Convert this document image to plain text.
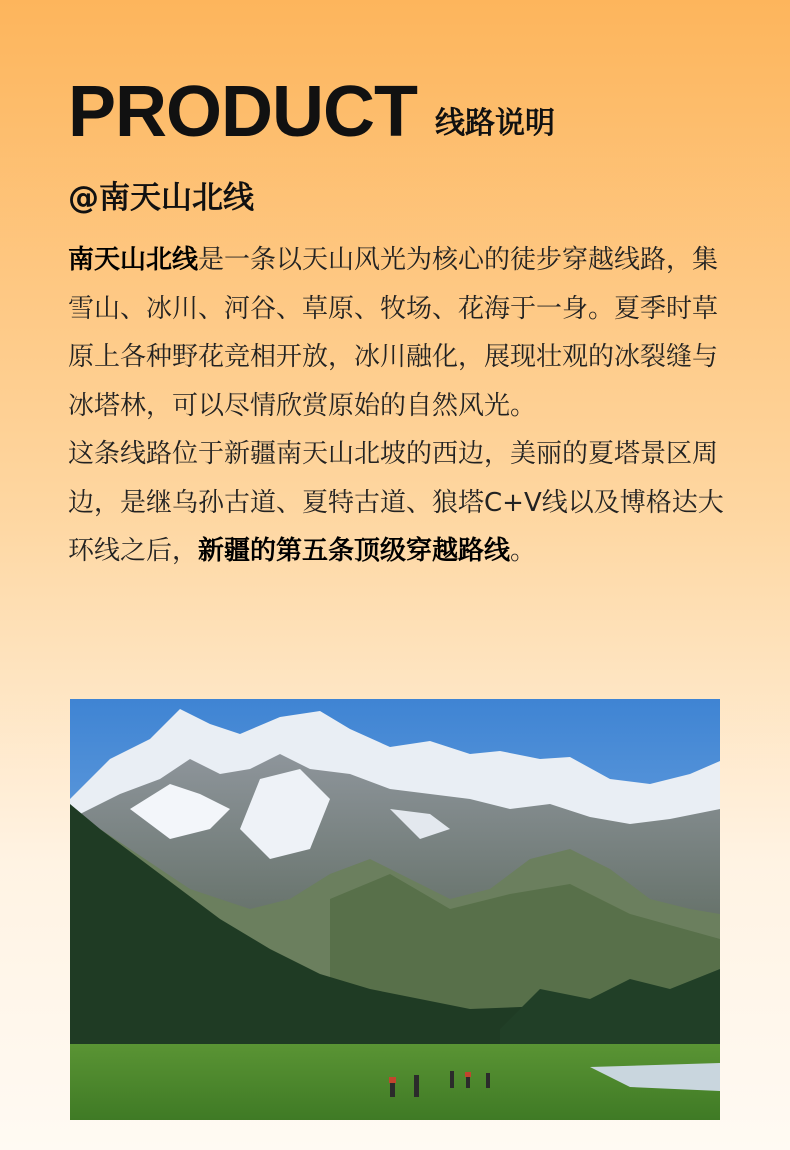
PRODUCT 线路说明
@南天山北线

南天山北线是一条以天山风光为核心的徒步穿越线路，集雪山、冰川、河谷、草原、牧场、花海于一身。夏季时草原上各种野花竞相开放，冰川融化，展现壮观的冰裂缝与冰塔林，可以尽情欣赏原始的自然风光。

这条线路位于新疆南天山北坡的西边，美丽的夏塔景区周边，是继乌孙古道、夏特古道、狼塔C+V线以及博格达大环线之后，新疆的第五条顶级穿越路线。
